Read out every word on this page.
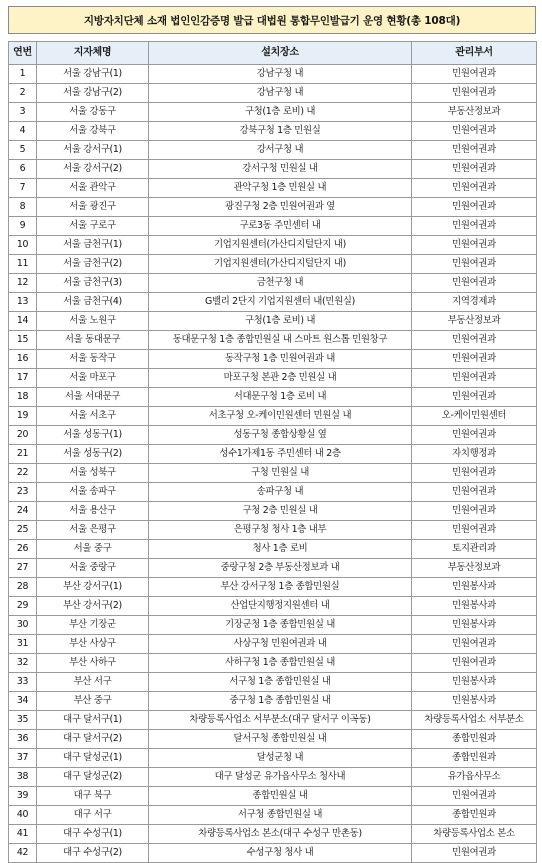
지방자치단체 소재 법인인감증명 발급 대법원 통합무인발급기 운영 현황(총 108대)
연번	지자체명	설치장소	관리부서
1	서울 강남구(1)	강남구청 내	민원여권과
2	서울 강남구(2)	강남구청 내	민원여권과
3	서울 강동구	구청(1층 로비) 내	부동산정보과
4	서울 강북구	강북구청 1층 민원실	민원여권과
5	서울 강서구(1)	강서구청 내	민원여권과
6	서울 강서구(2)	강서구청 민원실 내	민원여권과
7	서울 관악구	관악구청 1층 민원실 내	민원여권과
8	서울 광진구	광진구청 2층 민원여권과 옆	민원여권과
9	서울 구로구	구로3동 주민센터 내	민원여권과
10	서울 금천구(1)	기업지원센터(가산디지털단지 내)	민원여권과
11	서울 금천구(2)	기업지원센터(가산디지털단지 내)	민원여권과
12	서울 금천구(3)	금천구청 내	민원여권과
13	서울 금천구(4)	G밸리 2단지 기업지원센터 내(민원실)	지역경제과
14	서울 노원구	구청(1층 로비) 내	부동산정보과
15	서울 동대문구	동대문구청 1층 종합민원실 내 스마트 원스톱 민원창구	민원여권과
16	서울 동작구	동작구청 1층 민원여권과 내	민원여권과
17	서울 마포구	마포구청 본관 2층 민원실 내	민원여권과
18	서울 서대문구	서대문구청 1층 로비 내	민원여권과
19	서울 서초구	서초구청 오-케이민원센터 민원실 내	오-케이민원센터
20	서울 성동구(1)	성동구청 종합상황실 옆	민원여권과
21	서울 성동구(2)	성수1가제1동 주민센터 내 2층	자치행정과
22	서울 성북구	구청 민원실 내	민원여권과
23	서울 송파구	송파구청 내	민원여권과
24	서울 용산구	구청 2층 민원실 내	민원여권과
25	서울 은평구	은평구청 청사 1층 내부	민원여권과
26	서울 중구	청사 1층 로비	토지관리과
27	서울 중랑구	중랑구청 2층 부동산정보과 내	부동산정보과
28	부산 강서구(1)	부산 강서구청 1층 종합민원실	민원봉사과
29	부산 강서구(2)	산업단지행정지원센터 내	민원봉사과
30	부산 기장군	기장군청 1층 종합민원실 내	민원봉사과
31	부산 사상구	사상구청 민원여권과 내	민원여권과
32	부산 사하구	사하구청 1층 종합민원실 내	민원여권과
33	부산 서구	서구청 1층 종합민원실 내	민원봉사과
34	부산 중구	중구청 1층 종합민원실 내	민원봉사과
35	대구 달서구(1)	차량등록사업소 서부분소(대구 달서구 이곡동)	차량등록사업소 서부분소
36	대구 달서구(2)	달서구청 종합민원실 내	종합민원과
37	대구 달성군(1)	달성군청 내	종합민원과
38	대구 달성군(2)	대구 달성군 유가읍사무소 청사내	유가읍사무소
39	대구 북구	종합민원실 내	민원여권과
40	대구 서구	서구청 종합민원실 내	종합민원과
41	대구 수성구(1)	차량등록사업소 본소(대구 수성구 만촌동)	차량등록사업소 본소
42	대구 수성구(2)	수성구청 청사 내	민원여권과
